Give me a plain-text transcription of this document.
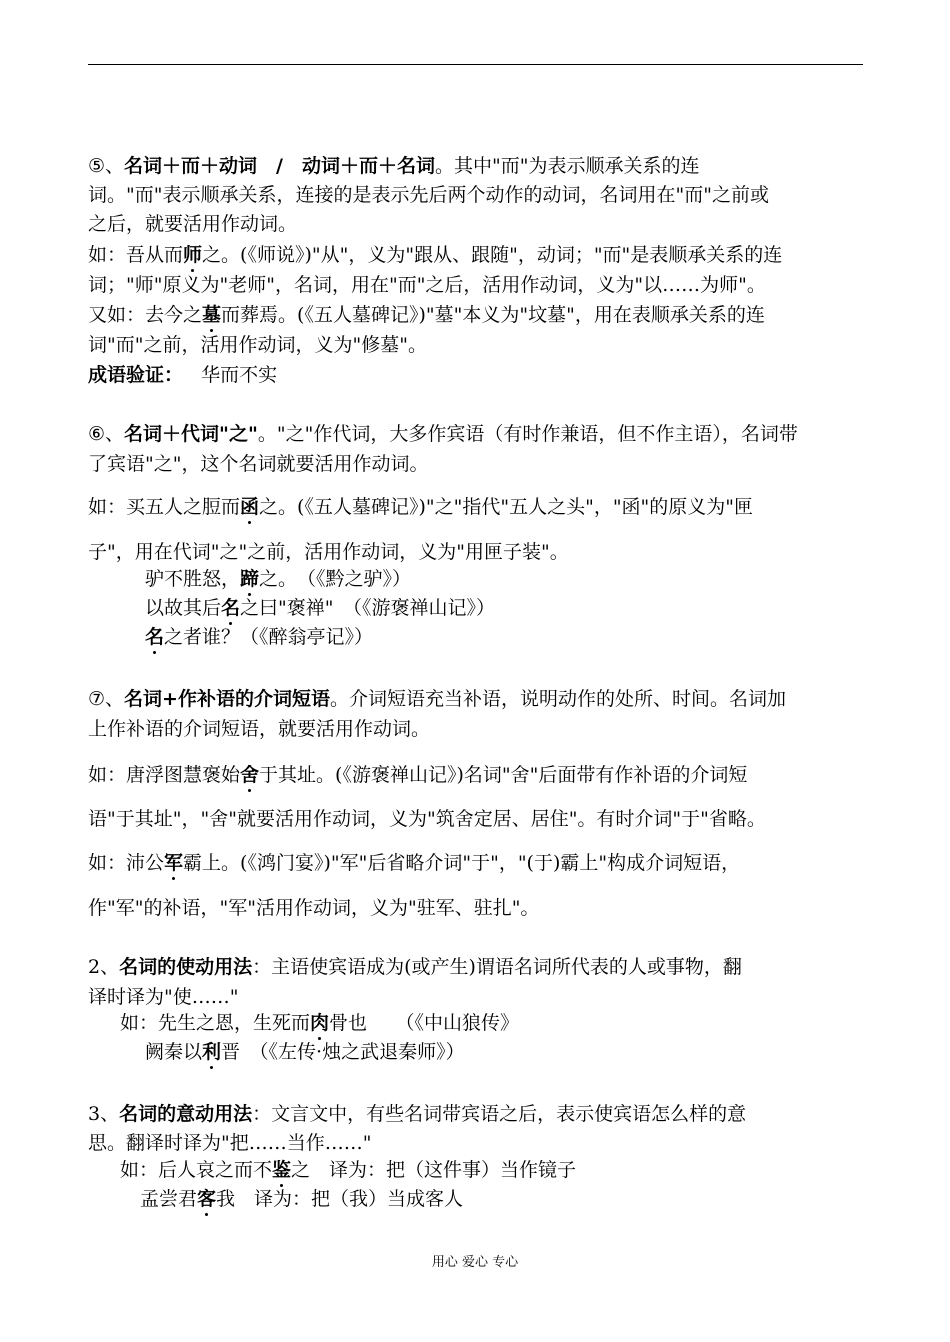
⑤、名词＋而＋动词　/　动词＋而＋名词。其中"而"为表示顺承关系的连
词。"而"表示顺承关系，连接的是表示先后两个动作的动词，名词用在"而"之前或
之后，就要活用作动词。
如：吾从而师之。(《师说》)"从"，义为"跟从、跟随"，动词；"而"是表顺承关系的连
词；"师"原义为"老师"，名词，用在"而"之后，活用作动词，义为"以……为师"。
又如：去今之墓而葬焉。(《五人墓碑记》)"墓"本义为"坟墓"，用在表顺承关系的连
词"而"之前，活用作动词，义为"修墓"。
成语验证： 华而不实
⑥、名词＋代词"之"。"之"作代词，大多作宾语（有时作兼语，但不作主语），名词带
了宾语"之"，这个名词就要活用作动词。
如：买五人之脰而函之。(《五人墓碑记》)"之"指代"五人之头"，"函"的原义为"匣
子"，用在代词"之"之前，活用作动词，义为"用匣子装"。
驴不胜怒，蹄之。　（《黔之驴》）
以故其后名之曰"褒禅"　（《游褒禅山记》）
名之者谁？（《醉翁亭记》）
⑦、名词+作补语的介词短语。介词短语充当补语，说明动作的处所、时间。名词加
上作补语的介词短语，就要活用作动词。
如：唐浮图慧褒始舍于其址。(《游褒禅山记》)名词"舍"后面带有作补语的介词短
语"于其址"，"舍"就要活用作动词，义为"筑舍定居、居住"。有时介词"于"省略。
如：沛公军霸上。(《鸿门宴》)"军"后省略介词"于"，"(于)霸上"构成介词短语，
作"军"的补语，"军"活用作动词，义为"驻军、驻扎"。
2、名词的使动用法：主语使宾语成为(或产生)谓语名词所代表的人或事物，翻
译时译为"使……"
如：先生之恩，生死而肉骨也　　（《中山狼传》
阙秦以利晋　（《左传·烛之武退秦师》）
3、名词的意动用法：文言文中，有些名词带宾语之后，表示使宾语怎么样的意
思。翻译时译为"把……当作……"
如：后人哀之而不鉴之　译为：把（这件事）当作镜子
孟尝君客我　译为：把（我）当成客人
用心 爱心 专心
